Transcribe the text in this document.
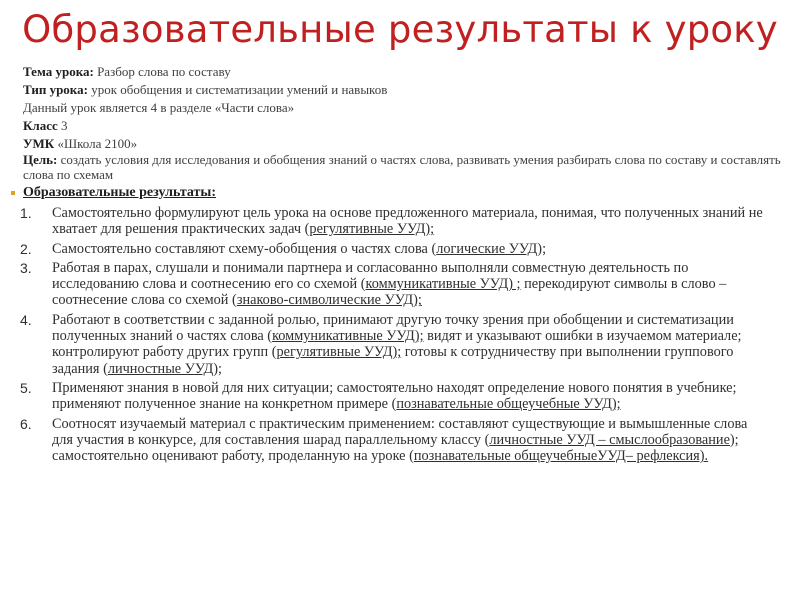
Образовательные результаты к уроку
Тема урока: Разбор слова по составу
Тип урока: урок обобщения и систематизации умений и навыков
Данный урок является 4 в разделе «Части слова»
Класс 3
УМК «Школа 2100»
Цель: создать условия для исследования и обобщения знаний о частях слова, развивать умения разбирать слова по составу и составлять слова по схемам
Образовательные результаты:
1. Самостоятельно формулируют цель урока на основе предложенного материала, понимая, что полученных знаний не хватает для решения практических задач (регулятивные УУД);
2. Самостоятельно составляют схему-обобщения о частях слова (логические УУД);
3. Работая в парах, слушали и понимали партнера и согласованно выполняли совместную деятельность по исследованию слова и соотнесению его со схемой (коммуникативные УУД) ; перекодируют символы в слово – соотнесение слова со схемой (знаково-символические УУД);
4. Работают в соответствии с заданной ролью, принимают другую точку зрения при обобщении и систематизации полученных знаний о частях слова (коммуникативные УУД); видят и указывают ошибки в изучаемом материале; контролируют работу других групп (регулятивные УУД); готовы к сотрудничеству при выполнении группового задания (личностные УУД);
5. Применяют знания в новой для них ситуации; самостоятельно находят определение нового понятия в учебнике; применяют полученное знание на конкретном примере (познавательные общеучебные УУД);
6. Соотносят изучаемый материал с практическим применением: составляют существующие и вымышленные слова для участия в конкурсе, для составления шарад параллельному классу (личностные УУД – смыслообразование); самостоятельно оценивают работу, проделанную на уроке (познавательные общеучебныеУУД– рефлексия).
